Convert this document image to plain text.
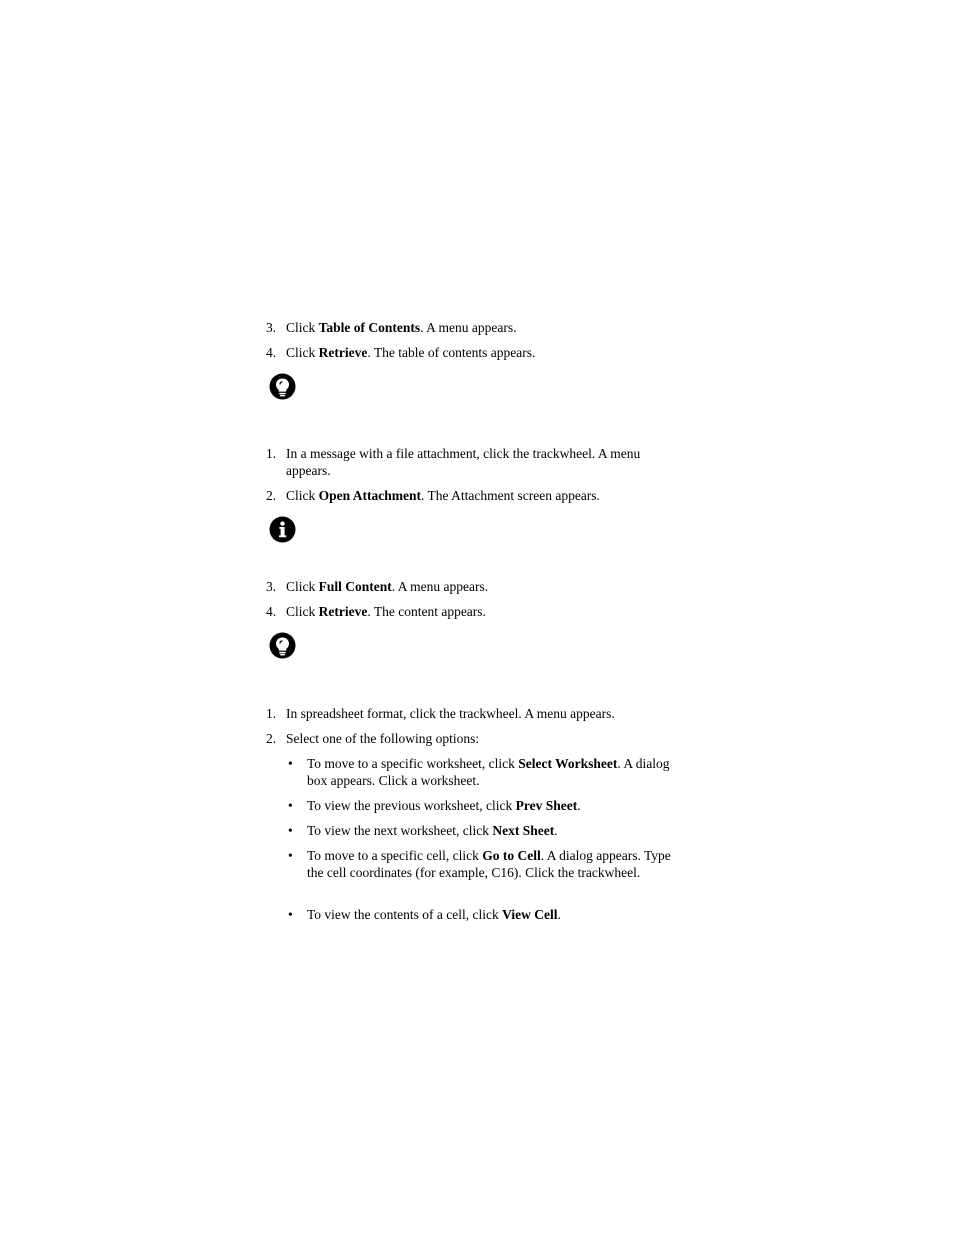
3. Click Table of Contents. A menu appears.
4. Click Retrieve. The table of contents appears.
1. In a message with a file attachment, click the trackwheel. A menu appears.
2. Click Open Attachment. The Attachment screen appears.
3. Click Full Content. A menu appears.
4. Click Retrieve. The content appears.
1. In spreadsheet format, click the trackwheel. A menu appears.
2. Select one of the following options:
• To move to a specific worksheet, click Select Worksheet. A dialog box appears. Click a worksheet.
• To view the previous worksheet, click Prev Sheet.
• To view the next worksheet, click Next Sheet.
• To move to a specific cell, click Go to Cell. A dialog appears. Type the cell coordinates (for example, C16). Click the trackwheel.
• To view the contents of a cell, click View Cell.
